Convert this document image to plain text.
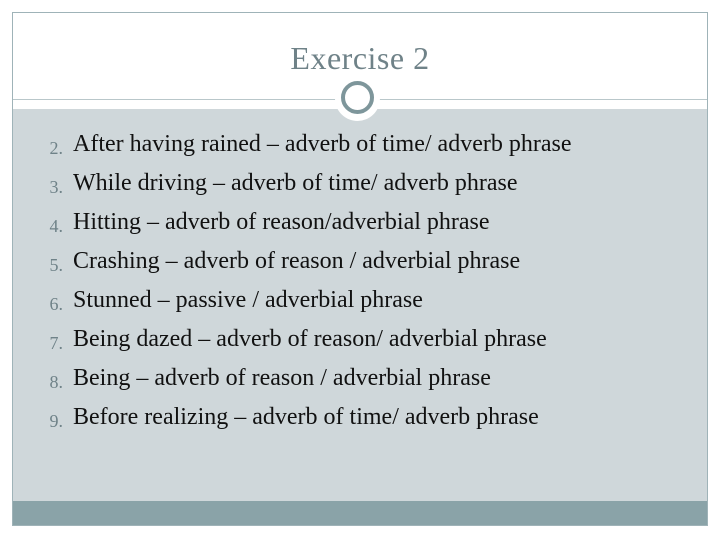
Exercise 2
2. After having rained – adverb of time/ adverb phrase
3. While driving – adverb of time/ adverb phrase
4. Hitting – adverb of reason/adverbial phrase
5. Crashing – adverb of reason / adverbial phrase
6. Stunned – passive / adverbial phrase
7. Being dazed – adverb of reason/ adverbial phrase
8. Being – adverb of reason / adverbial phrase
9. Before realizing – adverb of time/ adverb phrase
